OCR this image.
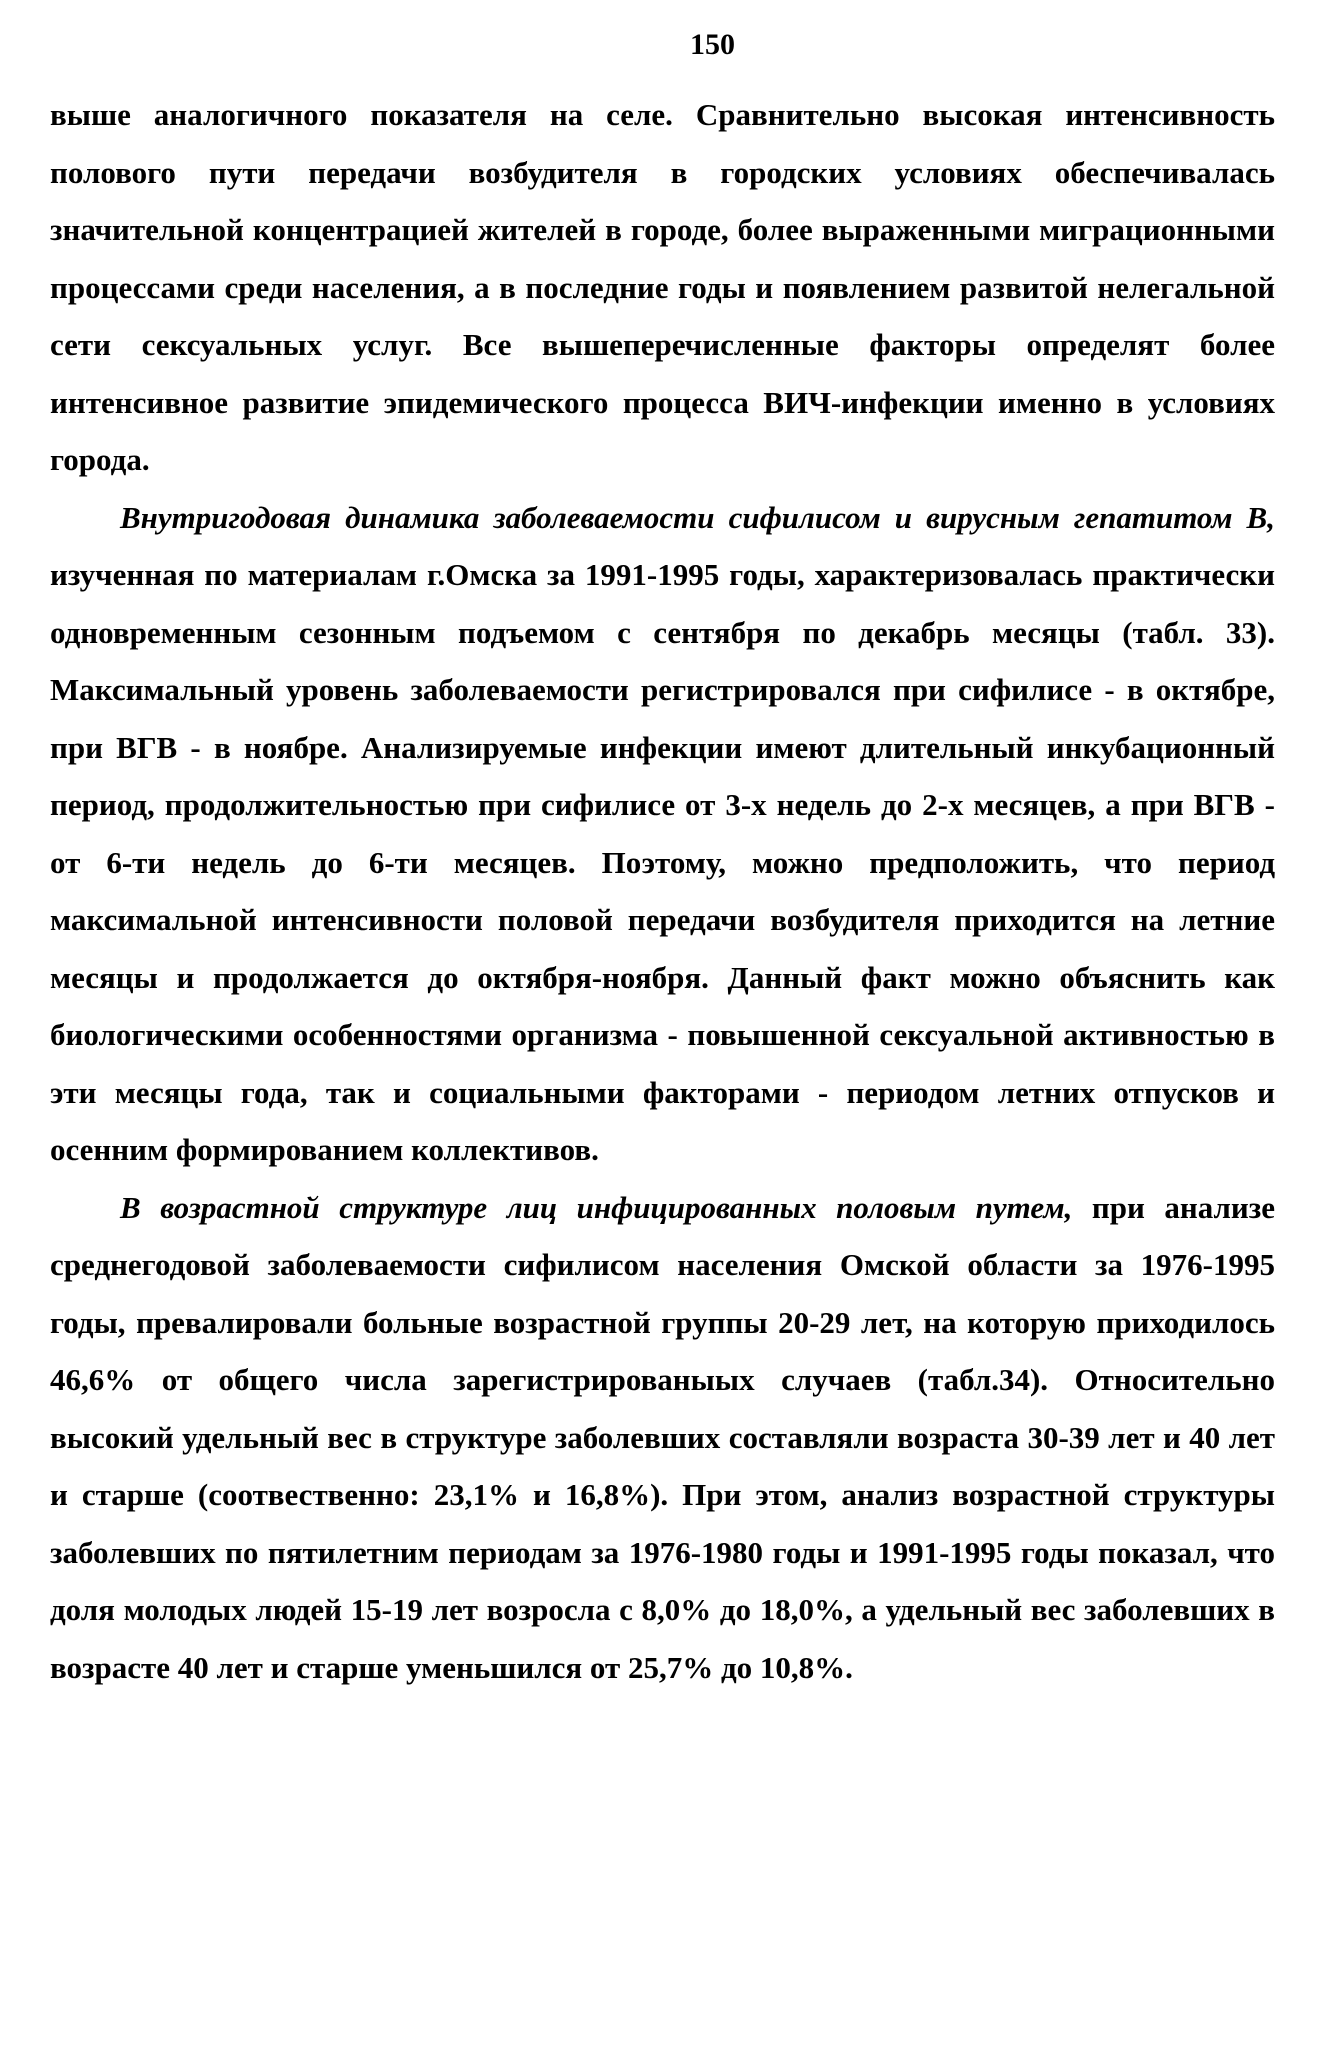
150

выше аналогичного показателя на селе. Сравнительно высокая интенсивность полового пути передачи возбудителя в городских условиях обеспечивалась значительной концентрацией жителей в городе, более выраженными миграционными процессами среди населения, а в последние годы и появлением развитой нелегальной сети сексуальных услуг. Все вышеперечисленные факторы определят более интенсивное развитие эпидемического процесса ВИЧ-инфекции именно в условиях города.

Внутригодовая динамика заболеваемости сифилисом и вирусным гепатитом В, изученная по материалам г.Омска за 1991-1995 годы, характеризовалась практически одновременным сезонным подъемом с сентября по декабрь месяцы (табл. 33). Максимальный уровень заболеваемости регистрировался при сифилисе - в октябре, при ВГВ - в ноябре. Анализируемые инфекции имеют длительный инкубационный период, продолжительностью при сифилисе от 3-х недель до 2-х месяцев, а при ВГВ - от 6-ти недель до 6-ти месяцев. Поэтому, можно предположить, что период максимальной интенсивности половой передачи возбудителя приходится на летние месяцы и продолжается до октября-ноября. Данный факт можно объяснить как биологическими особенностями организма - повышенной сексуальной активностью в эти месяцы года, так и социальными факторами - периодом летних отпусков и осенним формированием коллективов.

В возрастной структуре лиц инфицированных половым путем, при анализе среднегодовой заболеваемости сифилисом населения Омской области за 1976-1995 годы, превалировали больные возрастной группы 20-29 лет, на которую приходилось 46,6% от общего числа зарегистрированыых случаев (табл.34). Относительно высокий удельный вес в структуре заболевших составляли возраста 30-39 лет и 40 лет и старше (соотвественно: 23,1% и 16,8%). При этом, анализ возрастной структуры заболевших по пятилетним периодам за 1976-1980 годы и 1991-1995 годы показал, что доля молодых людей 15-19 лет возросла с 8,0% до 18,0%, а удельный вес заболевших в возрасте 40 лет и старше уменьшился от 25,7% до 10,8%.
